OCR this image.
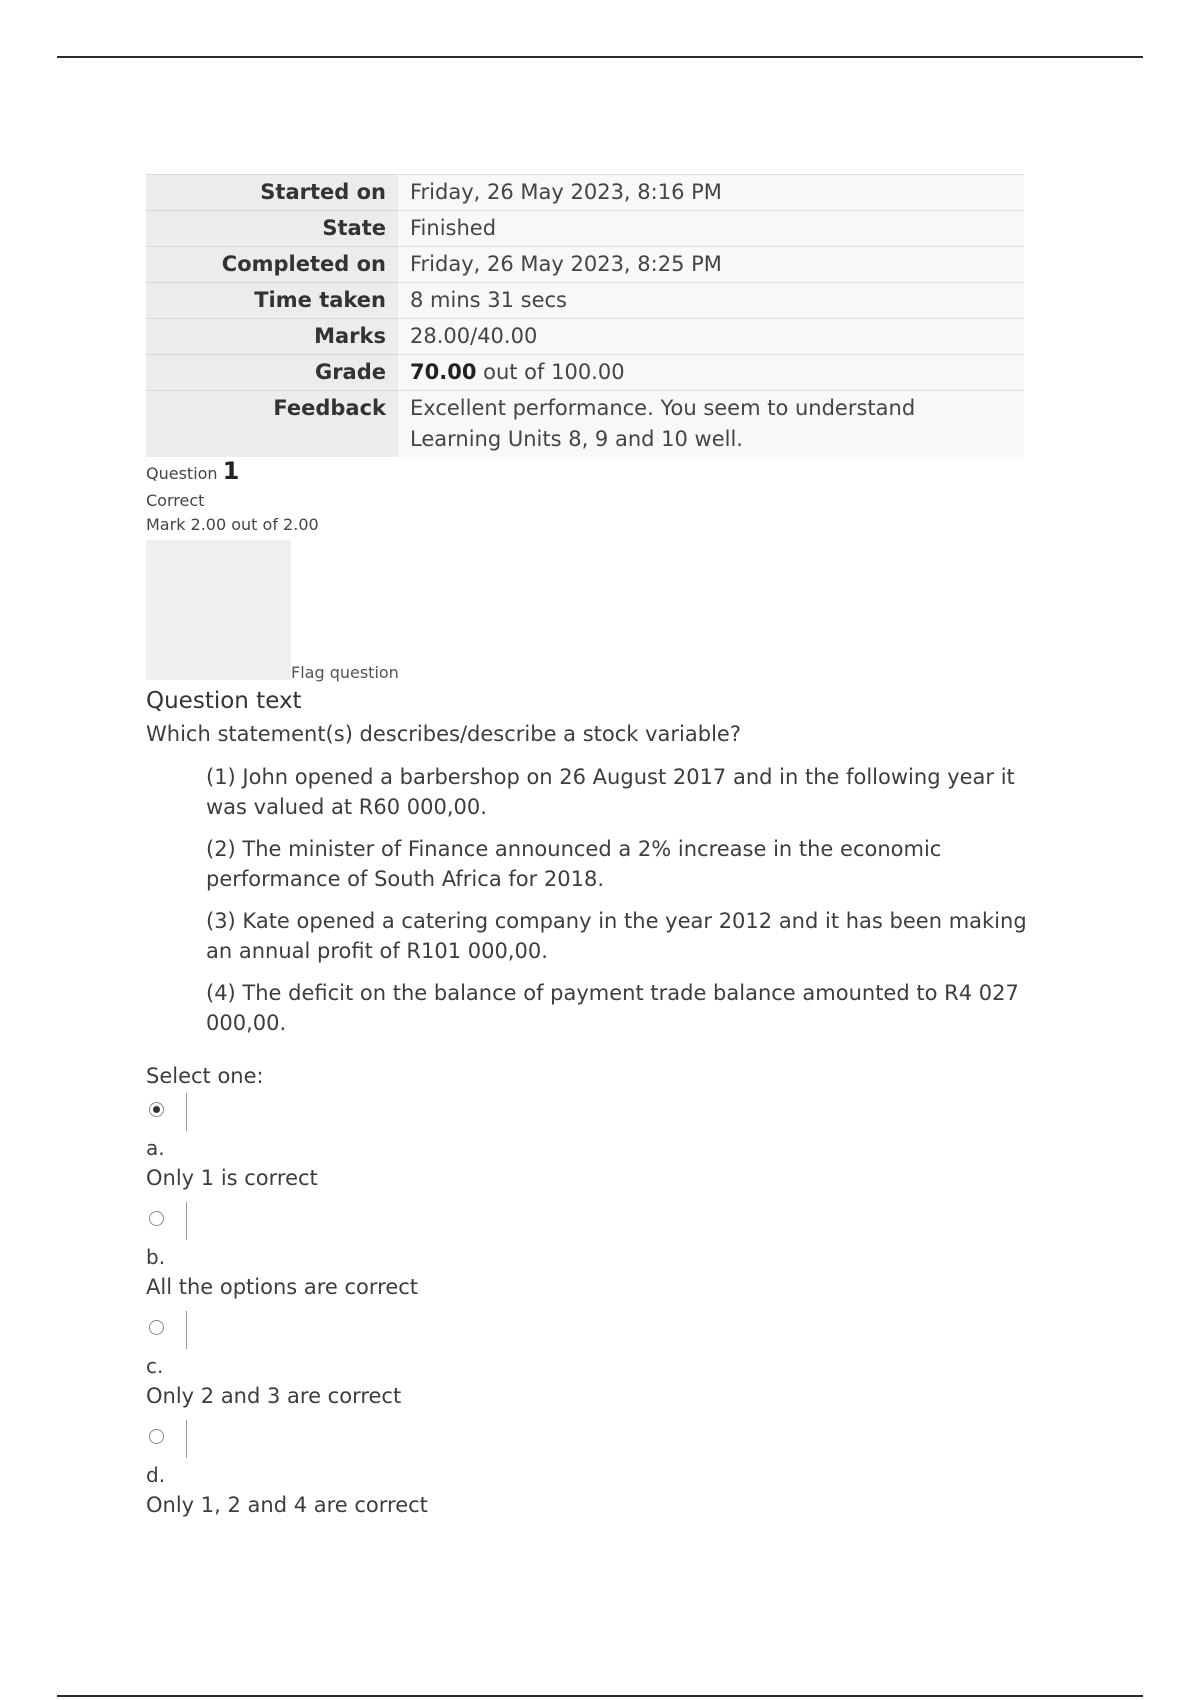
Started on	Friday, 26 May 2023, 8:16 PM
State	Finished
Completed on	Friday, 26 May 2023, 8:25 PM
Time taken	8 mins 31 secs
Marks	28.00/40.00
Grade	70.00 out of 100.00
Feedback	Excellent performance. You seem to understand Learning Units 8, 9 and 10 well.
Question 1
Correct
Mark 2.00 out of 2.00
Flag question
Question text
Which statement(s) describes/describe a stock variable?

(1) John opened a barbershop on 26 August 2017 and in the following year it was valued at R60 000,00.

(2) The minister of Finance announced a 2% increase in the economic performance of South Africa for 2018.

(3) Kate opened a catering company in the year 2012 and it has been making an annual profit of R101 000,00.

(4) The deficit on the balance of payment trade balance amounted to R4 027 000,00.

Select one:
a.
Only 1 is correct
b.
All the options are correct
c.
Only 2 and 3 are correct
d.
Only 1, 2 and 4 are correct
